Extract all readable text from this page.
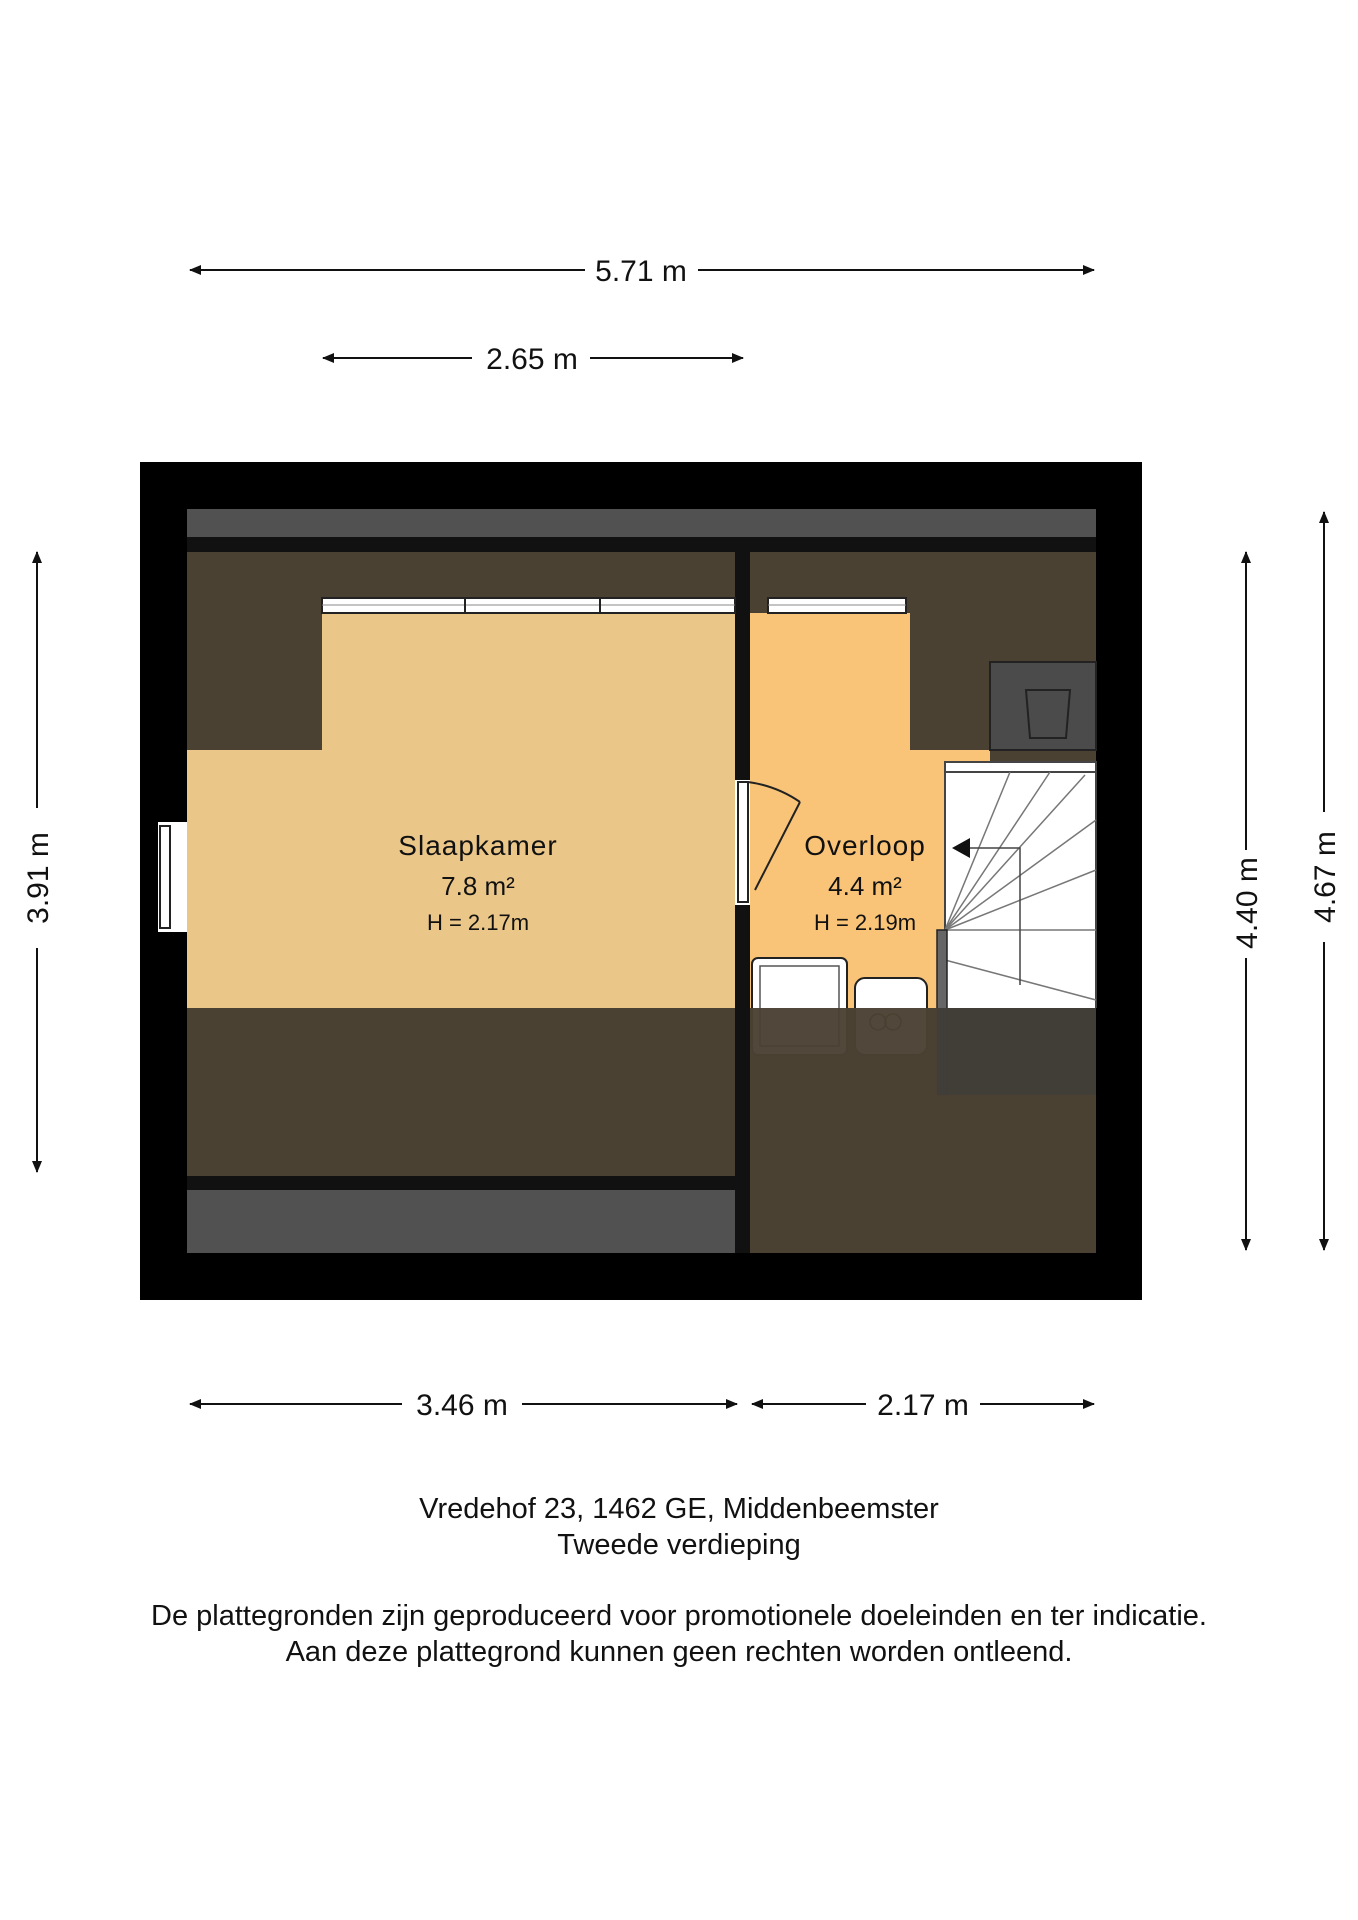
Slaapkamer
7.8 m²
H = 2.17m
Overloop
4.4 m²
H = 2.19m
5.71 m
2.65 m
3.91 m	4.40 m 4.67 m
3.46 m	2.17 m
Vredehof 23, 1462 GE, Middenbeemster
Tweede verdieping
De plattegronden zijn geproduceerd voor promotionele doeleinden en ter indicatie.
Aan deze plattegrond kunnen geen rechten worden ontleend.
